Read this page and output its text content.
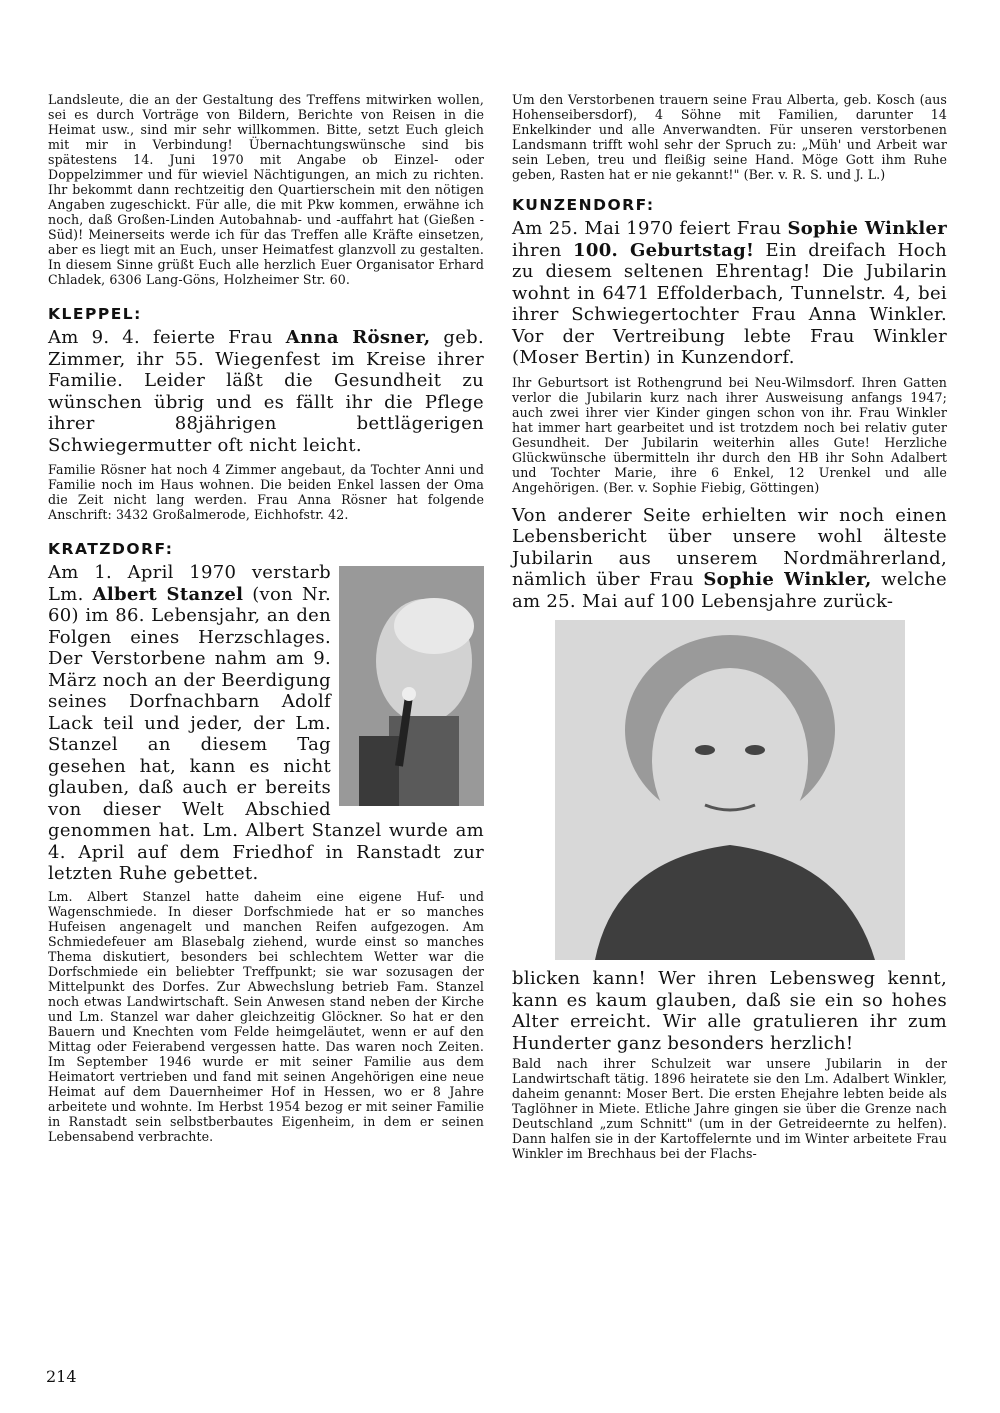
Landsleute, die an der Gestaltung des Treffens mitwirken wollen, sei es durch Vorträge von Bildern, Berichte von Reisen in die Heimat usw., sind mir sehr willkommen. Bitte, setzt Euch gleich mit mir in Verbindung! Übernachtungswünsche sind bis spätestens 14. Juni 1970 mit Angabe ob Einzel- oder Doppelzimmer und für wieviel Nächtigungen, an mich zu richten. Ihr bekommt dann rechtzeitig den Quartierschein mit den nötigen Angaben zugeschickt. Für alle, die mit Pkw kommen, erwähne ich noch, daß Großen-Linden Autobahnab- und -auffahrt hat (Gießen - Süd)! Meinerseits werde ich für das Treffen alle Kräfte einsetzen, aber es liegt mit an Euch, unser Heimatfest glanzvoll zu gestalten. In diesem Sinne grüßt Euch alle herzlich Euer Organisator Erhard Chladek, 6306 Lang-Göns, Holzheimer Str. 60.

KLEPPEL:

Am 9. 4. feierte Frau Anna Rösner, geb. Zimmer, ihr 55. Wiegenfest im Kreise ihrer Familie. Leider läßt die Gesundheit zu wünschen übrig und es fällt ihr die Pflege ihrer 88jährigen bettlägerigen Schwiegermutter oft nicht leicht.

Familie Rösner hat noch 4 Zimmer angebaut, da Tochter Anni und Familie noch im Haus wohnen. Die beiden Enkel lassen der Oma die Zeit nicht lang werden. Frau Anna Rösner hat folgende Anschrift: 3432 Großalmerode, Eichhofstr. 42.

KRATZDORF:

Am 1. April 1970 verstarb Lm. Albert Stanzel (von Nr. 60) im 86. Lebensjahr, an den Folgen eines Herzschlages. Der Verstorbene nahm am 9. März noch an der Beerdigung seines Dorfnachbarn Adolf Lack teil und jeder, der Lm. Stanzel an diesem Tag gesehen hat, kann es nicht glauben, daß auch er bereits von dieser Welt Abschied genommen hat. Lm. Albert Stanzel wurde am 4. April auf dem Friedhof in Ranstadt zur letzten Ruhe gebettet.

Lm. Albert Stanzel hatte daheim eine eigene Huf- und Wagenschmiede. In dieser Dorfschmiede hat er so manches Hufeisen angenagelt und manchen Reifen aufgezogen. Am Schmiedefeuer am Blasebalg ziehend, wurde einst so manches Thema diskutiert, besonders bei schlechtem Wetter war die Dorfschmiede ein beliebter Treffpunkt; sie war sozusagen der Mittelpunkt des Dorfes. Zur Abwechslung betrieb Fam. Stanzel noch etwas Landwirtschaft. Sein Anwesen stand neben der Kirche und Lm. Stanzel war daher gleichzeitig Glöckner. So hat er den Bauern und Knechten vom Felde heimgeläutet, wenn er auf den Mittag oder Feierabend vergessen hatte. Das waren noch Zeiten. Im September 1946 wurde er mit seiner Familie aus dem Heimatort vertrieben und fand mit seinen Angehörigen eine neue Heimat auf dem Dauernheimer Hof in Hessen, wo er 8 Jahre arbeitete und wohnte. Im Herbst 1954 bezog er mit seiner Familie in Ranstadt sein selbstberbautes Eigenheim, in dem er seinen Lebensabend verbrachte.

Um den Verstorbenen trauern seine Frau Alberta, geb. Kosch (aus Hohenseibersdorf), 4 Söhne mit Familien, darunter 14 Enkelkinder und alle Anverwandten. Für unseren verstorbenen Landsmann trifft wohl sehr der Spruch zu: „Müh' und Arbeit war sein Leben, treu und fleißig seine Hand. Möge Gott ihm Ruhe geben, Rasten hat er nie gekannt!" (Ber. v. R. S. und J. L.)

KUNZENDORF:

Am 25. Mai 1970 feiert Frau Sophie Winkler ihren 100. Geburtstag! Ein dreifach Hoch zu diesem seltenen Ehrentag! Die Jubilarin wohnt in 6471 Effolderbach, Tunnelstr. 4, bei ihrer Schwiegertochter Frau Anna Winkler. Vor der Vertreibung lebte Frau Winkler (Moser Bertin) in Kunzendorf.

Ihr Geburtsort ist Rothengrund bei Neu-Wilmsdorf. Ihren Gatten verlor die Jubilarin kurz nach ihrer Ausweisung anfangs 1947; auch zwei ihrer vier Kinder gingen schon von ihr. Frau Winkler hat immer hart gearbeitet und ist trotzdem noch bei relativ guter Gesundheit. Der Jubilarin weiterhin alles Gute! Herzliche Glückwünsche übermitteln ihr durch den HB ihr Sohn Adalbert und Tochter Marie, ihre 6 Enkel, 12 Urenkel und alle Angehörigen. (Ber. v. Sophie Fiebig, Göttingen)

Von anderer Seite erhielten wir noch einen Lebensbericht über unsere wohl älteste Jubilarin aus unserem Nordmährerland, nämlich über Frau Sophie Winkler, welche am 25. Mai auf 100 Lebensjahre zurück-

blicken kann! Wer ihren Lebensweg kennt, kann es kaum glauben, daß sie ein so hohes Alter erreicht. Wir alle gratulieren ihr zum Hunderter ganz besonders herzlich!

Bald nach ihrer Schulzeit war unsere Jubilarin in der Landwirtschaft tätig. 1896 heiratete sie den Lm. Adalbert Winkler, daheim genannt: Moser Bert. Die ersten Ehejahre lebten beide als Taglöhner in Miete. Etliche Jahre gingen sie über die Grenze nach Deutschland „zum Schnitt" (um in der Getreideernte zu helfen). Dann halfen sie in der Kartoffelernte und im Winter arbeitete Frau Winkler im Brechhaus bei der Flachs-

214
